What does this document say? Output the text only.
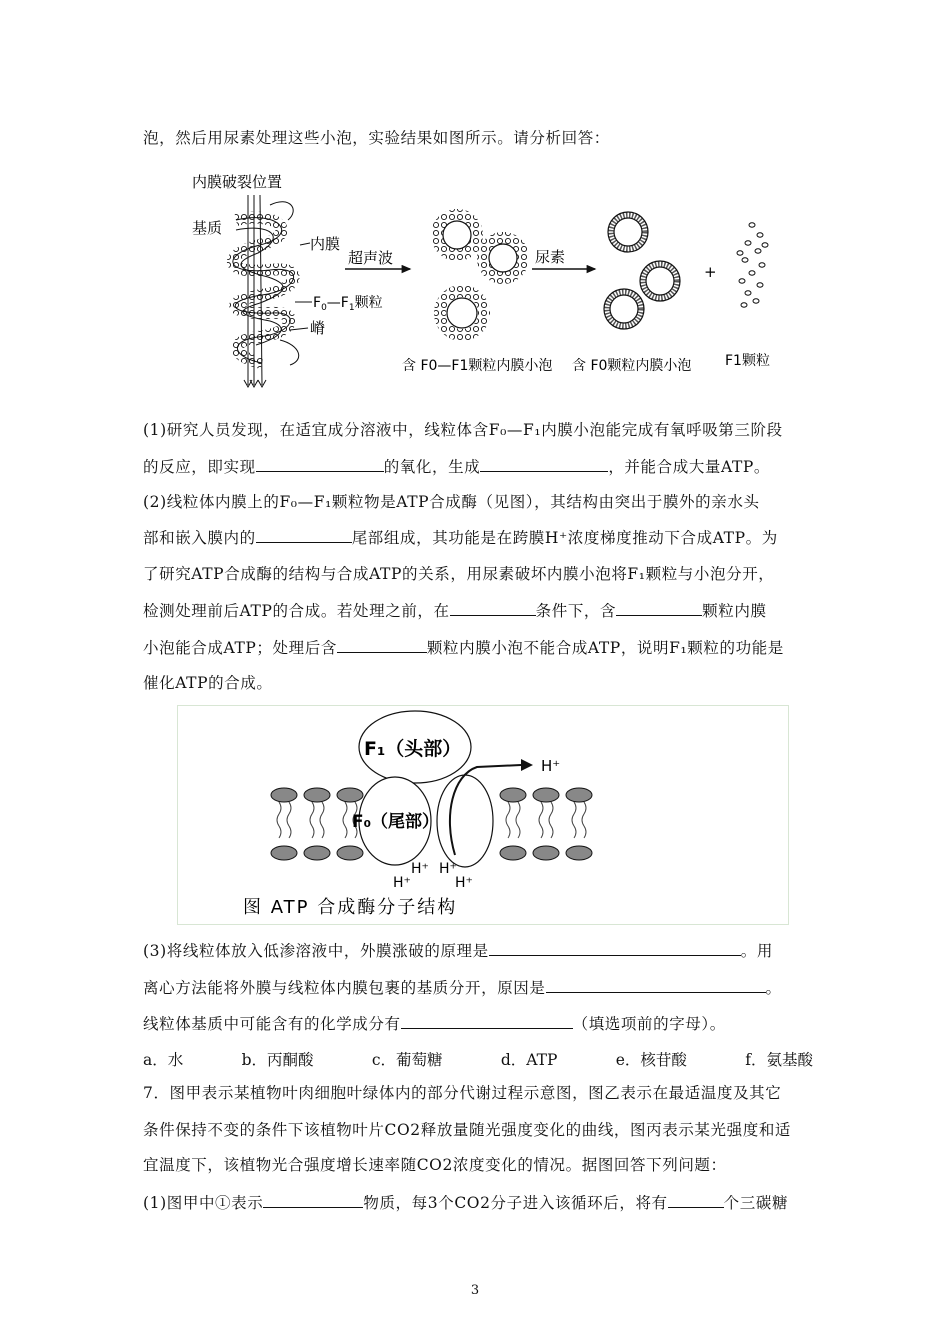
泡，然后用尿素处理这些小泡，实验结果如图所示。请分析回答：
内膜破裂位置
基质
内膜
$F_0—F_1$颗粒
嵴
超声波	尿素
+
含 F0—F1颗粒内膜小泡 含 F0颗粒内膜小泡 F1颗粒
(1)研究人员发现，在适宜成分溶液中，线粒体含F₀—F₁内膜小泡能完成有氧呼吸第三阶段
的反应，即实现	的氧化，生成	，并能合成大量ATP。
(2)线粒体内膜上的F₀—F₁颗粒物是ATP合成酶（见图），其结构由突出于膜外的亲水头
部和嵌入膜内的	尾部组成，其功能是在跨膜H⁺浓度梯度推动下合成ATP。为
了研究ATP合成酶的结构与合成ATP的关系，用尿素破坏内膜小泡将F₁颗粒与小泡分开，
检测处理前后ATP的合成。若处理之前，在	条件下，含	颗粒内膜
小泡能合成ATP；处理后含	颗粒内膜小泡不能合成ATP，说明F₁颗粒的功能是
催化ATP的合成。
F₁（头部）
F₀（尾部）
H⁺
H⁺ H⁺
H⁺	H⁺
图 ATP 合成酶分子结构
(3)将线粒体放入低渗溶液中，外膜涨破的原理是	。用
离心方法能将外膜与线粒体内膜包裹的基质分开，原因是	。
线粒体基质中可能含有的化学成分有	（填选项前的字母）。
a．水	b．丙酮酸	c．葡萄糖	d．ATP	e．核苷酸	f．氨基酸
7．图甲表示某植物叶肉细胞叶绿体内的部分代谢过程示意图，图乙表示在最适温度及其它
条件保持不变的条件下该植物叶片CO2释放量随光强度变化的曲线，图丙表示某光强度和适
宜温度下，该植物光合强度增长速率随CO2浓度变化的情况。据图回答下列问题：
(1)图甲中①表示	物质，每3个CO2分子进入该循环后，将有	个三碳糖
3
